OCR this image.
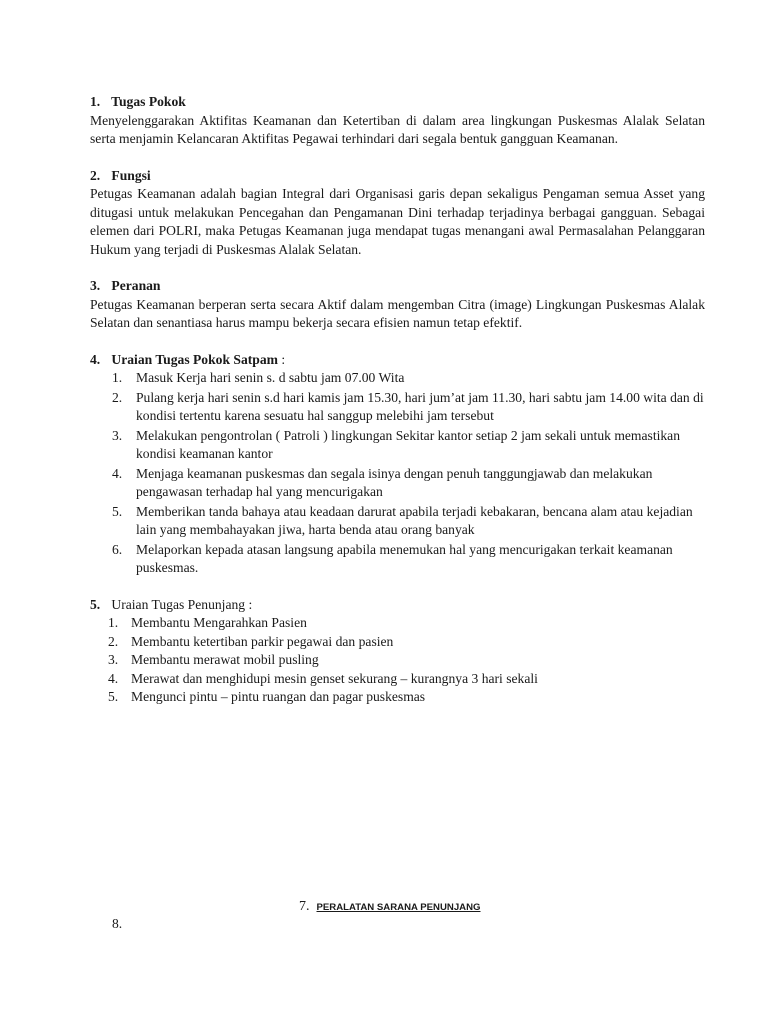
1. Tugas Pokok

Menyelenggarakan Aktifitas Keamanan dan Ketertiban di dalam area lingkungan Puskesmas Alalak Selatan serta menjamin Kelancaran Aktifitas Pegawai terhindari dari segala bentuk gangguan Keamanan.

2. Fungsi

Petugas Keamanan adalah bagian Integral dari Organisasi garis depan sekaligus Pengaman semua Asset yang ditugasi untuk melakukan Pencegahan dan Pengamanan Dini terhadap terjadinya berbagai gangguan. Sebagai elemen dari POLRI, maka Petugas Keamanan juga mendapat tugas menangani awal Permasalahan Pelanggaran Hukum yang terjadi di Puskesmas Alalak Selatan.

3. Peranan

Petugas Keamanan berperan serta secara Aktif dalam mengemban Citra (image) Lingkungan Puskesmas Alalak Selatan dan senantiasa harus mampu bekerja secara efisien namun tetap efektif.

4. Uraian Tugas Pokok Satpam :

1.	Masuk Kerja hari senin s. d sabtu jam 07.00 Wita
2.	Pulang kerja hari senin s.d hari kamis jam 15.30, hari jum’at jam 11.30, hari sabtu jam 14.00 wita dan di kondisi tertentu karena sesuatu hal sanggup melebihi jam tersebut
3.	Melakukan pengontrolan ( Patroli ) lingkungan Sekitar kantor setiap 2 jam sekali untuk memastikan kondisi keamanan kantor
4.	Menjaga keamanan puskesmas dan segala isinya dengan penuh tanggungjawab dan melakukan pengawasan terhadap hal yang mencurigakan
5.	Memberikan tanda bahaya atau keadaan darurat apabila terjadi kebakaran, bencana alam atau kejadian lain yang membahayakan jiwa, harta benda atau orang banyak
6.	Melaporkan kepada atasan langsung apabila menemukan hal yang mencurigakan terkait keamanan puskesmas.

5. Uraian Tugas Penunjang :

1. Membantu Mengarahkan Pasien
2. Membantu ketertiban parkir pegawai dan pasien
3. Membantu merawat mobil pusling
4. Merawat dan menghidupi mesin genset sekurang – kurangnya 3 hari sekali
5. Mengunci pintu – pintu ruangan dan pagar puskesmas
7. PERALATAN SARANA PENUNJANG
8.
